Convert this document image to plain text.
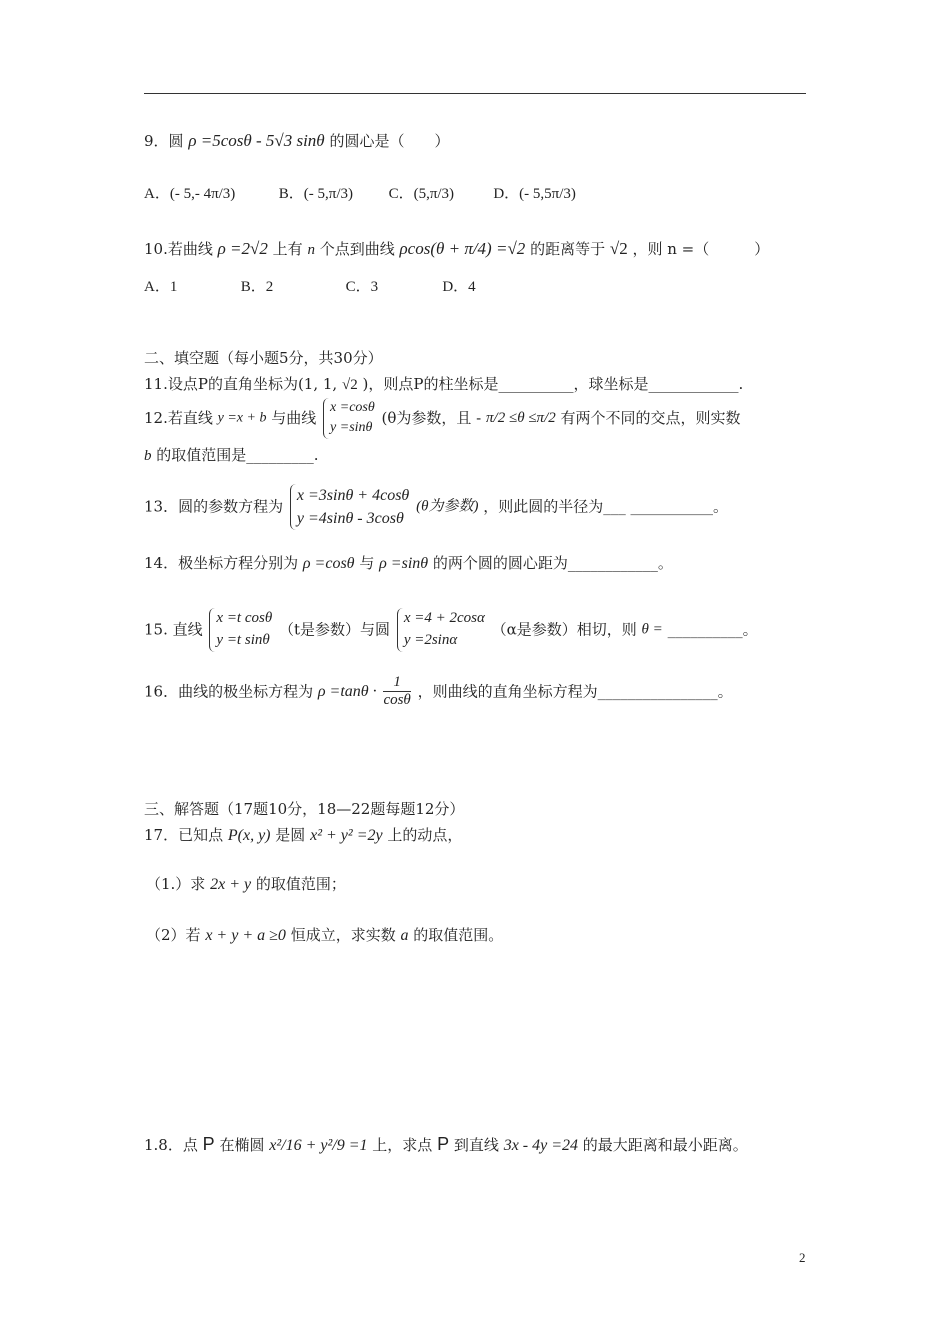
9．圆 ρ =5cosθ - 5√3 sinθ 的圆心是（　　）
A．(- 5,- 4π/3)	B．(- 5,π/3) C．(5,π/3)	D．(- 5,5π/3)
10.若曲线 ρ =2√2 上有 n 个点到曲线 ρcos(θ + π/4) =√2 的距离等于 √2 ，则 n =（　　　）
A．1	B．2	C．3	D．4
二、填空题（每小题5分，共30分）
11.设点P的直角坐标为(1, 1, √2 )，则点P的柱坐标是__________，球坐标是____________.
12.若直线 y =x + b 与曲线
x =cosθ
y =sinθ
(θ为参数，且 - π/2 ≤θ ≤π/2 有两个不同的交点，则实数
b 的取值范围是_________.
13．圆的参数方程为
x =3sinθ + 4cosθ
y =4sinθ - 3cosθ
(θ为参数) ，则此圆的半径为___ ___________。
14．极坐标方程分别为 ρ =cosθ 与 ρ =sinθ 的两个圆的圆心距为____________。
15. 直线
x =t cosθ
y =t sinθ
（t是参数）与圆
x =4 + 2cosα
y =2sinα
（α是参数）相切，则 θ = __________。
16．曲线的极坐标方程为 $\rho =\tan\theta \cdot \frac{1}{\cos\theta}$ ，则曲线的直角坐标方程为________________。
三、解答题（17题10分，18—22题每题12分）
17．已知点 P(x, y) 是圆 x² + y² =2y 上的动点，
（1.）求 2x + y 的取值范围；
（2）若 x + y + a ≥0 恒成立，求实数 a 的取值范围。
1.8．点 P 在椭圆 x²/16 + y²/9 =1 上，求点 P 到直线 3x - 4y =24 的最大距离和最小距离。
2
